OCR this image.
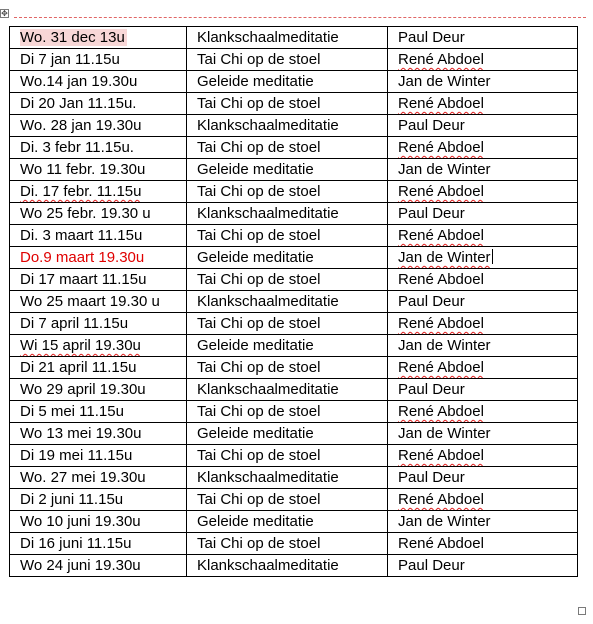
✥
Wo. 31 dec 13u	Klankschaalmeditatie	Paul Deur
Di 7 jan 11.15u	Tai Chi op de stoel	René Abdoel
Wo.14 jan 19.30u	Geleide meditatie	Jan de Winter
Di 20 Jan 11.15u.	Tai Chi op de stoel	René Abdoel
Wo. 28 jan 19.30u	Klankschaalmeditatie	Paul Deur
Di. 3 febr 11.15u.	Tai Chi op de stoel	René Abdoel
Wo 11 febr. 19.30u	Geleide meditatie	Jan de Winter
Di. 17 febr. 11.15u	Tai Chi op de stoel	René Abdoel
Wo 25 febr. 19.30 u	Klankschaalmeditatie	Paul Deur
Di. 3 maart 11.15u	Tai Chi op de stoel	René Abdoel
Do.9 maart 19.30u	Geleide meditatie	Jan de Winter
Di 17 maart 11.15u	Tai Chi op de stoel	René Abdoel
Wo 25 maart 19.30 u	Klankschaalmeditatie	Paul Deur
Di 7 april 11.15u	Tai Chi op de stoel	René Abdoel
Wi 15 april 19.30u	Geleide meditatie	Jan de Winter
Di 21 april 11.15u	Tai Chi op de stoel	René Abdoel
Wo 29 april 19.30u	Klankschaalmeditatie	Paul Deur
Di 5 mei 11.15u	Tai Chi op de stoel	René Abdoel
Wo 13 mei 19.30u	Geleide meditatie	Jan de Winter
Di 19 mei 11.15u	Tai Chi op de stoel	René Abdoel
Wo. 27 mei 19.30u	Klankschaalmeditatie	Paul Deur
Di 2 juni 11.15u	Tai Chi op de stoel	René Abdoel
Wo 10 juni 19.30u	Geleide meditatie	Jan de Winter
Di 16 juni 11.15u	Tai Chi op de stoel	René Abdoel
Wo 24 juni 19.30u	Klankschaalmeditatie	Paul Deur
